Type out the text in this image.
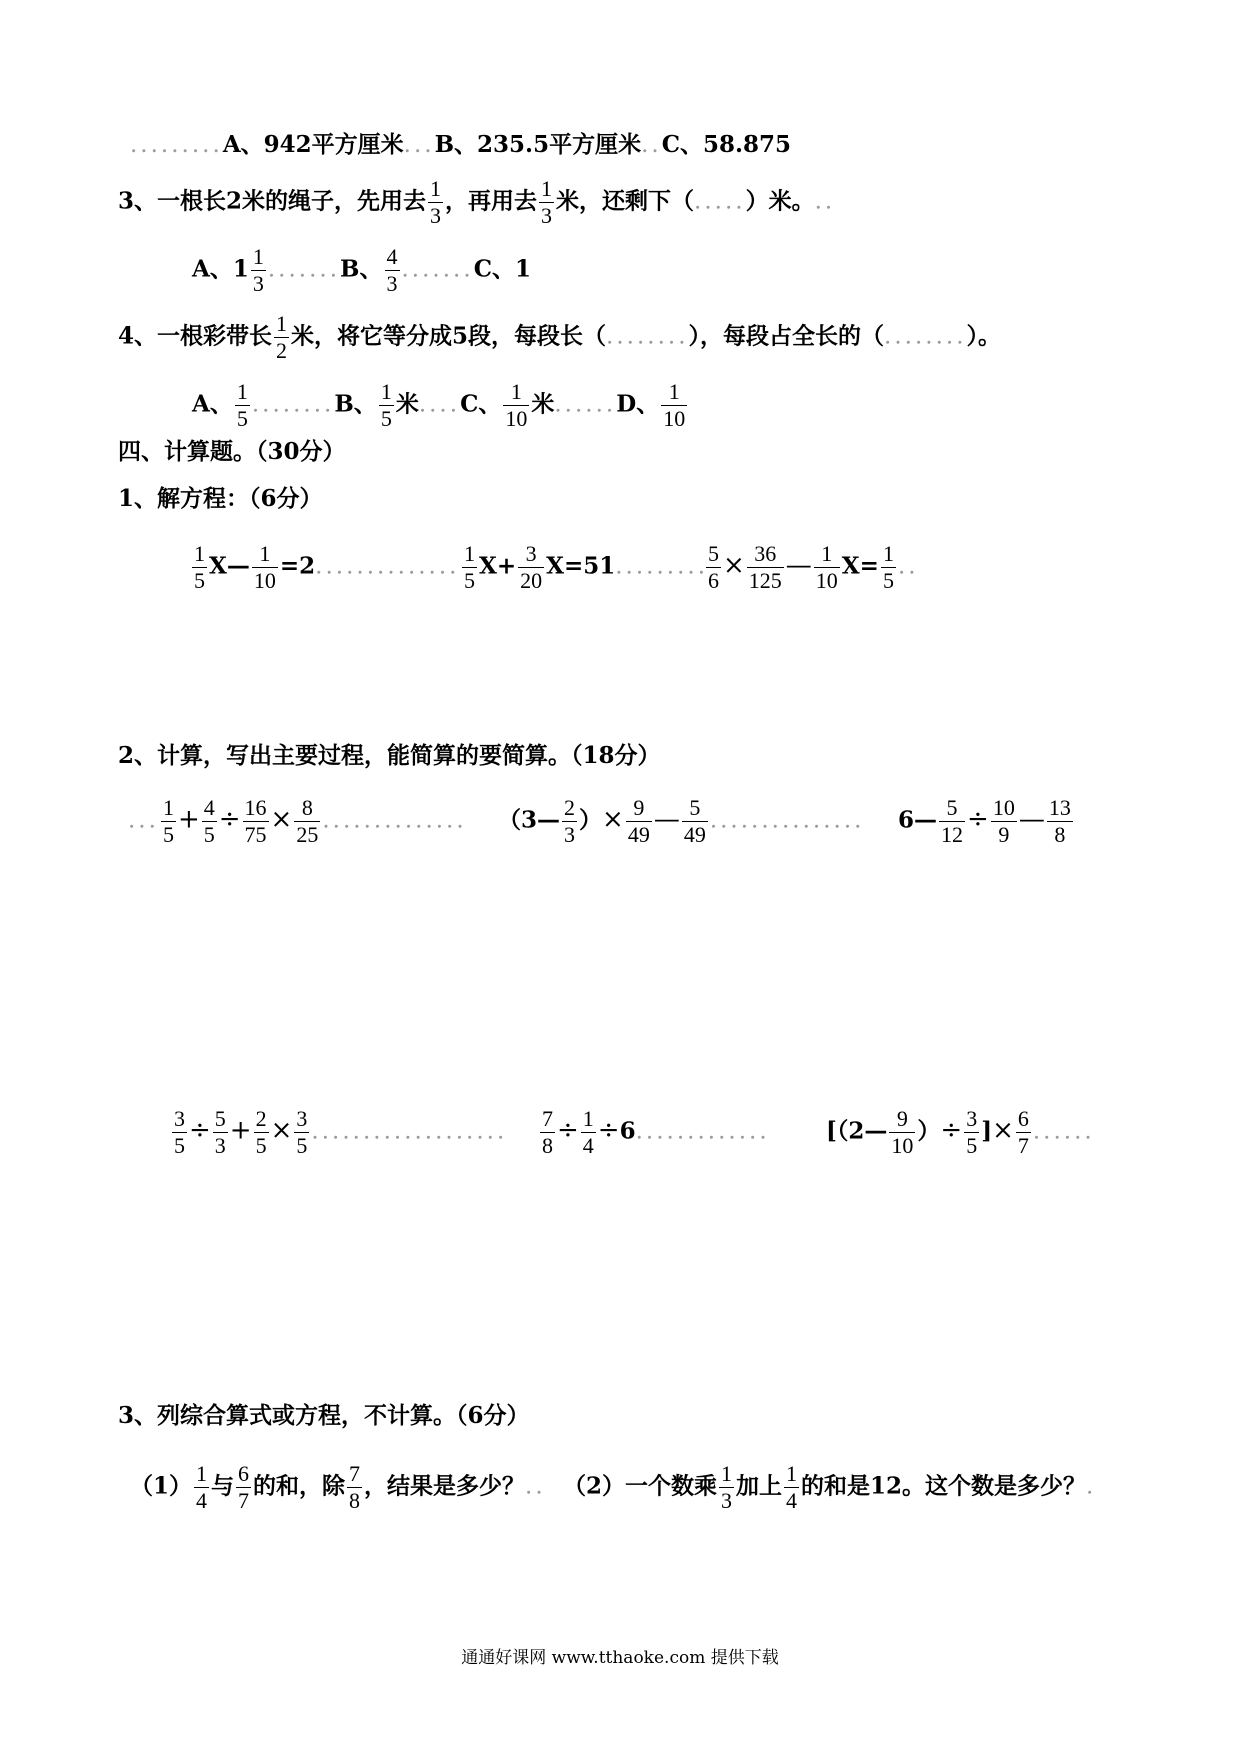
.........A、942平方厘米...B、235.5平方厘米..C、58.875
3、一根长2米的绳子，先用去 $\frac{1}{3}$ ，再用去 $\frac{1}{3}$ 米，还剩下（.....）米。..
A、$1 \frac{1}{3} .......B$、 $\frac{4}{3} .......C$、1
4、一根彩带长 $\frac{1}{2}$ 米，将它等分成5段，每段长（........），每段占全长的（........）。
A、 $\frac{1}{5} ........B$、 $\frac{1}{5}$ 米....C、 $\frac{1}{10}$ 米......D、 $\frac{1}{10}$
四、计算题。（30分）
1、解方程：（6分）
$\frac{1}{5}$ X— $\frac{1}{10} =2$.............. $\frac{1}{5} X+ \frac{3}{20} X=51$.........
$\frac{5}{6} \times \frac{36}{125}$ — $\frac{1}{10} X= \frac{1}{5}$ ..
2、计算，写出主要过程，能简算的要简算。（18分）
... $\frac{1}{5} + \frac{4}{5} \div \frac{16}{75} \times \frac{8}{25}$ .............. （3— $\frac{2}{3}$ ）× $\frac{9}{49}$ — $\frac{5}{49}$ ............... 6— $\frac{5}{12} \div \frac{10}{9}$ — $\frac{13}{8}$
$\frac{3}{5} \div \frac{5}{3} + \frac{2}{5} \times \frac{3}{5}$ ................... $\frac{7}{8} \div \frac{1}{4} \div 6$............. [（2— $\frac{9}{10}$ ）÷ $\frac{3}{5}$ ]× $\frac{6}{7}$ ......
3、列综合算式或方程，不计算。（6分）
$(1) \frac{1}{4}$ 与 $\frac{6}{7}$ 的和，除 $\frac{7}{8}$ ，结果是多少？.. （2）一个数乘 $\frac{1}{3}$ 加上 $\frac{1}{4}$ 的和是12。这个数是多少？.
通通好课网 www.tthaoke.com 提供下载
